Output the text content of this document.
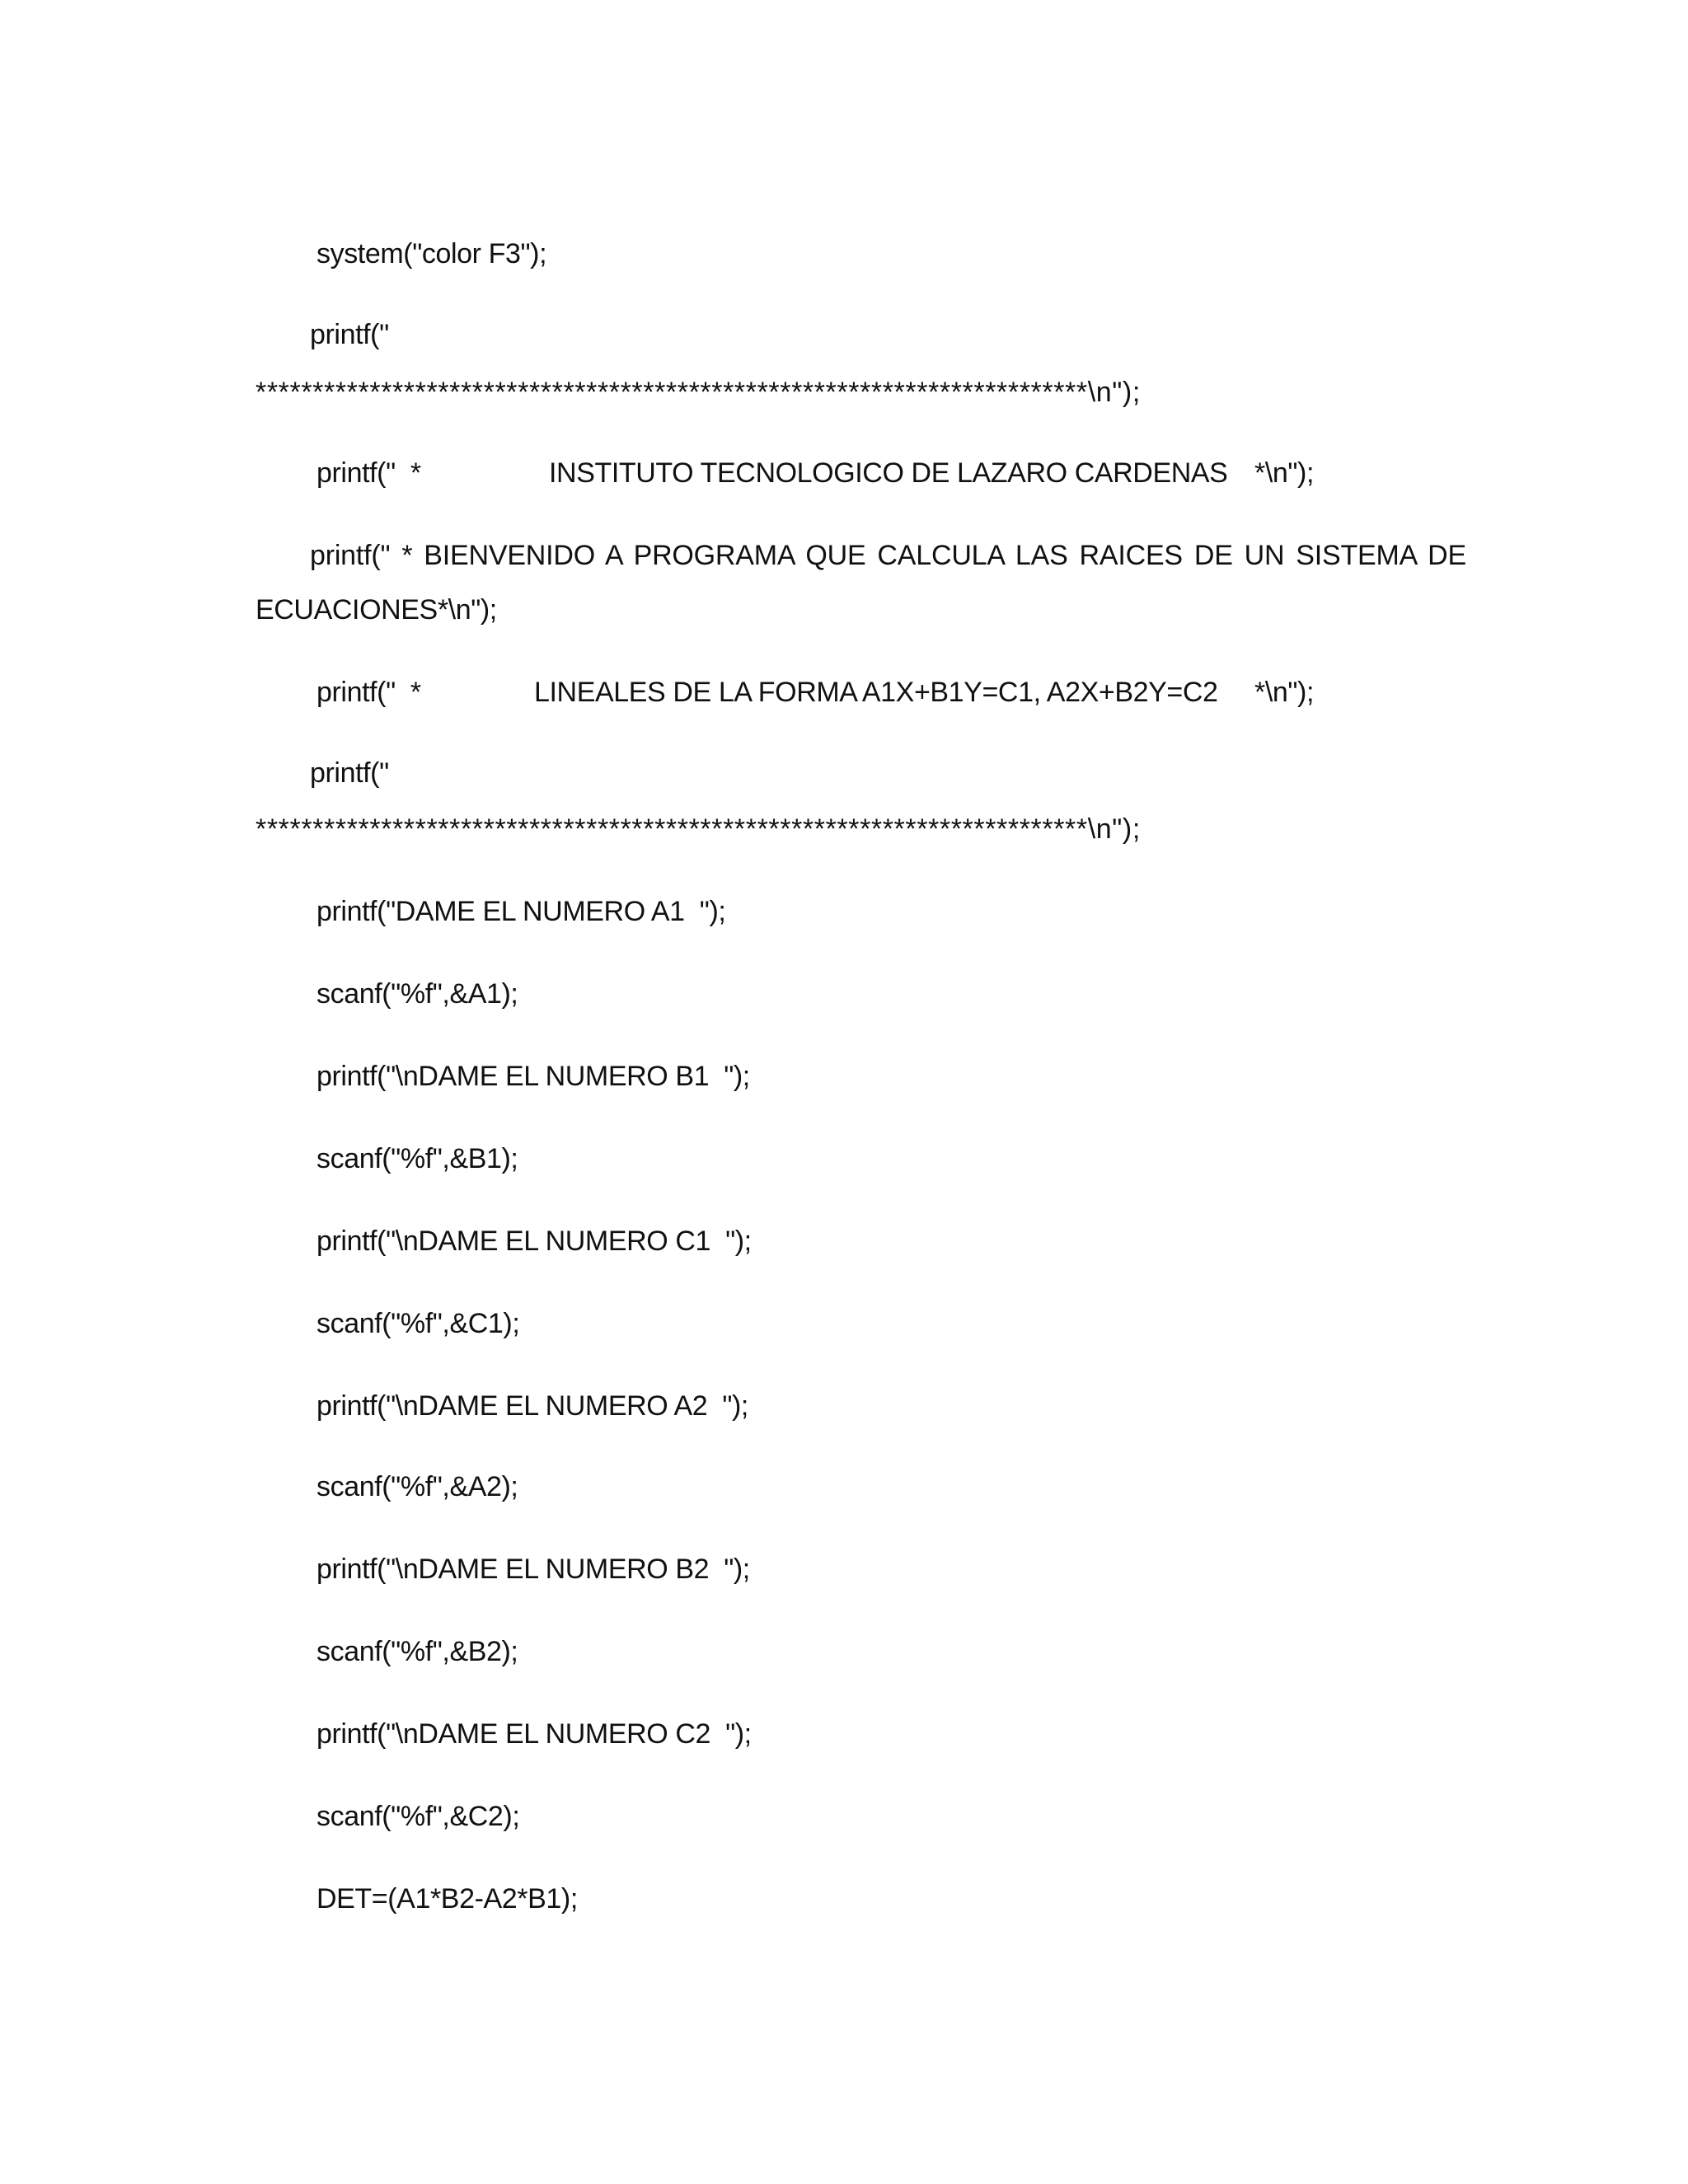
system("color F3");
printf("
*************************************************************************\n");

printf("  *

	INSTITUTO TECNOLOGICO DE LAZARO CARDENAS

*\n");

printf(" * BIENVENIDO A PROGRAMA QUE CALCULA LAS RAICES DE UN SISTEMA DE
ECUACIONES*\n");

printf("  *

	LINEALES DE LA FORMA A1X+B1Y=C1, A2X+B2Y=C2

*\n");

printf("
*************************************************************************\n");
printf("DAME EL NUMERO A1  ");
scanf("%f",&A1);
printf("\nDAME EL NUMERO B1  ");
scanf("%f",&B1);
printf("\nDAME EL NUMERO C1  ");
scanf("%f",&C1);
printf("\nDAME EL NUMERO A2  ");
scanf("%f",&A2);
printf("\nDAME EL NUMERO B2  ");
scanf("%f",&B2);
printf("\nDAME EL NUMERO C2  ");
scanf("%f",&C2);
DET=(A1*B2-A2*B1);
